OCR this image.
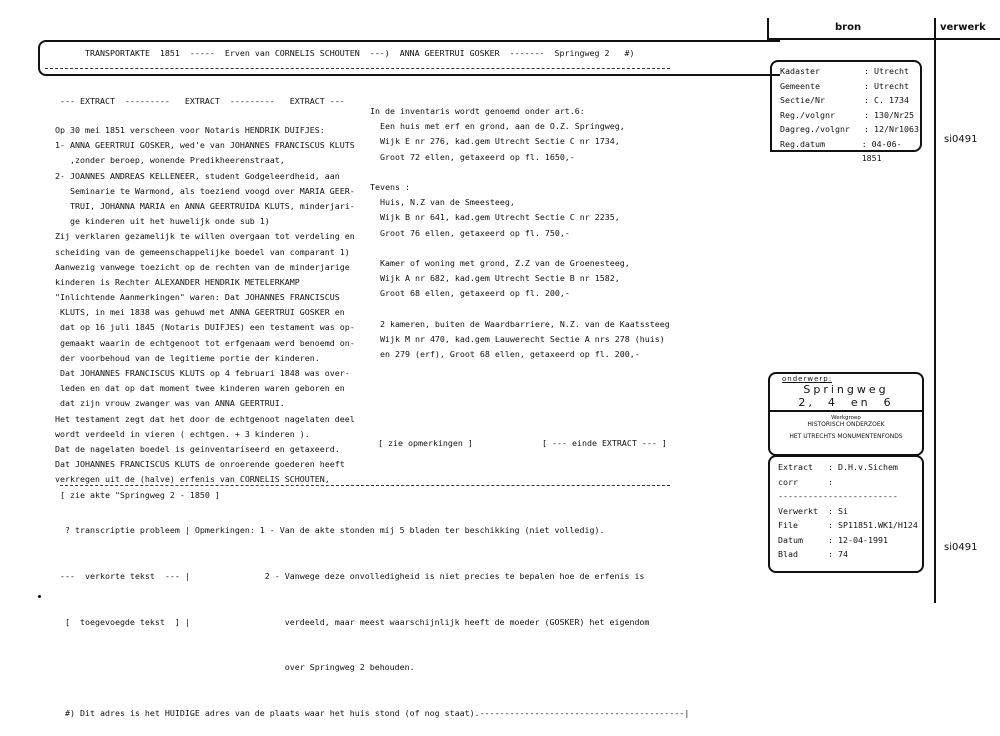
TRANSPORTAKTE  1851  -----  Erven van CORNELIS SCHOUTEN  ---)  ANNA GEERTRUI GOSKER  -------  Springweg 2   #)
--- EXTRACT  ---------   EXTRACT  ---------   EXTRACT ---
Op 30 mei 1851 verscheen voor Notaris HENDRIK DUIFJES:
1- ANNA GEERTRUI GOSKER, wed'e van JOHANNES FRANCISCUS KLUTS
,zonder beroep, wonende Predikheerenstraat,
2- JOANNES ANDREAS KELLENEER, student Godgeleerdheid, aan
Seminarie te Warmond, als toeziend voogd over MARIA GEER-
TRUI, JOHANNA MARIA en ANNA GEERTRUIDA KLUTS, minderjari-
ge kinderen uit het huwelijk onde sub 1)
Zij verklaren gezamelijk te willen overgaan tot verdeling en
scheiding van de gemeenschappelijke boedel van comparant 1)
Aanwezig vanwege toezicht op de rechten van de minderjarige
kinderen is Rechter ALEXANDER HENDRIK METELERKAMP
"Inlichtende Aanmerkingen" waren: Dat JOHANNES FRANCISCUS
KLUTS, in mei 1838 was gehuwd met ANNA GEERTRUI GOSKER en
dat op 16 juli 1845 (Notaris DUIFJES) een testament was op-
gemaakt waarin de echtgenoot tot erfgenaam werd benoemd on-
der voorbehoud van de legitieme portie der kinderen.
Dat JOHANNES FRANCISCUS KLUTS op 4 februari 1848 was over-
leden en dat op dat moment twee kinderen waren geboren en
dat zijn vrouw zwanger was van ANNA GEERTRUI.
Het testament zegt dat het door de echtgenoot nagelaten deel
wordt verdeeld in vieren ( echtgen. + 3 kinderen ).
Dat de nagelaten boedel is geinventariseerd en getaxeerd.
Dat JOHANNES FRANCISCUS KLUTS de onroerende goederen heeft
verkregen uit de (halve) erfenis van CORNELIS SCHOUTEN,
[ zie akte "Springweg 2 - 1850 ]
In de inventaris wordt genoemd onder art.6:
Een huis met erf en grond, aan de O.Z. Springweg,
Wijk E nr 276, kad.gem Utrecht Sectie C nr 1734,
Groot 72 ellen, getaxeerd op fl. 1650,-
Tevens :
Huis, N.Z van de Smeesteeg,
Wijk B nr 641, kad.gem Utrecht Sectie C nr 2235,
Groot 76 ellen, getaxeerd op fl. 750,-
Kamer of woning met grond, Z.Z van de Groenesteeg,
Wijk A nr 682, kad.gem Utrecht Sectie B nr 1582,
Groot 68 ellen, getaxeerd op fl. 200,-
2 kameren, buiten de Waardbarriere, N.Z. van de Kaatssteeg
Wijk M nr 470, kad.gem Lauwerecht Sectie A nrs 278 (huis)
en 279 (erf), Groot 68 ellen, getaxeerd op fl. 200,-
[ zie opmerkingen ]	[ --- einde EXTRACT --- ]

? transcriptie probleem | Opmerkingen: 1 - Van de akte stonden mij 5 bladen ter beschikking (niet volledig).

---  verkorte tekst  --- |               2 - Vanwege deze onvolledigheid is niet precies te bepalen hoe de erfenis is

[  toegevoegde tekst  ] |                   verdeeld, maar meest waarschijnlijk heeft de moeder (GOSKER) het eigendom

over Springweg 2 behouden.

#) Dit adres is het HUIDIGE adres van de plaats waar het huis stond (of nog staat).-----------------------------------------|

bron	verwerk
Kadaster	: Utrecht
Gemeente	: Utrecht
Sectie/Nr	: C. 1734
Reg./volgnr	: 130/Nr25
Dagreg./volgnr	: 12/Nr1063
Reg.datum	: 04-06-1851
si0491
onderwerp:
Springweg
2,  4  en  6
Werkgroep
HISTORISCH ONDERZOEK
HET UTRECHTS MONUMENTENFONDS
Extract	: D.H.v.Sichem
corr	:
------------------------
Verwerkt	: Si
File	: SP11851.WK1/H124
Datum	: 12-04-1991
Blad	: 74
si0491
